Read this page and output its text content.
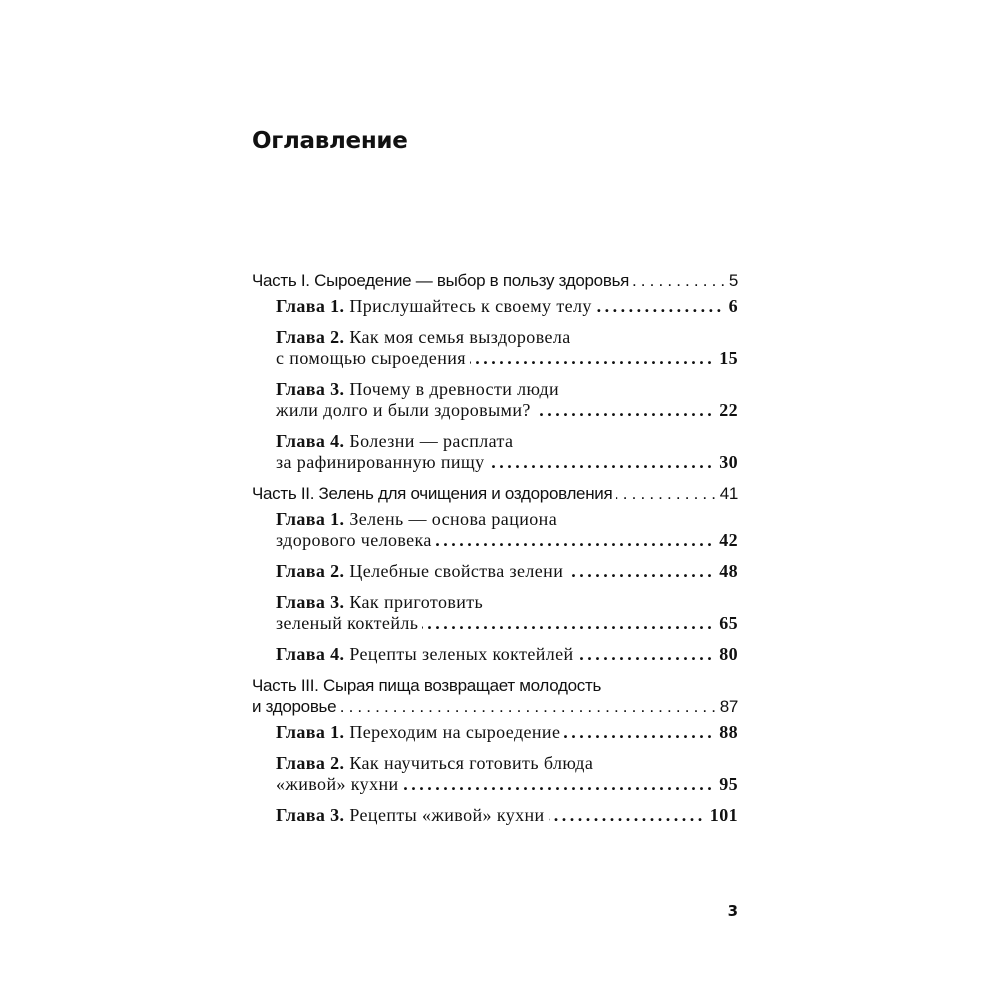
Оглавление
Часть I. Сыроедение — выбор в пользу здоровья . . .	5
Глава 1. Прислушайтесь к своему телу .....	6
Глава 2. Как моя семья выздоровела
с помощью сыроедения .....	15
Глава 3. Почему в древности люди
жили долго и были здоровыми? .....	22
Глава 4. Болезни — расплата
за рафинированную пищу .....	30
Часть II. Зелень для очищения и оздоровления . . .	41
Глава 1. Зелень — основа рациона
здорового человека .....	42
Глава 2. Целебные свойства зелени .....	48
Глава 3. Как приготовить
зеленый коктейль .....	65
Глава 4. Рецепты зеленых коктейлей .....	80
Часть III. Сырая пища возвращает молодость
и здоровье . . .	87
Глава 1. Переходим на сыроедение .....	88
Глава 2. Как научиться готовить блюда
«живой» кухни .....	95
Глава 3. Рецепты «живой» кухни .....	101
3
